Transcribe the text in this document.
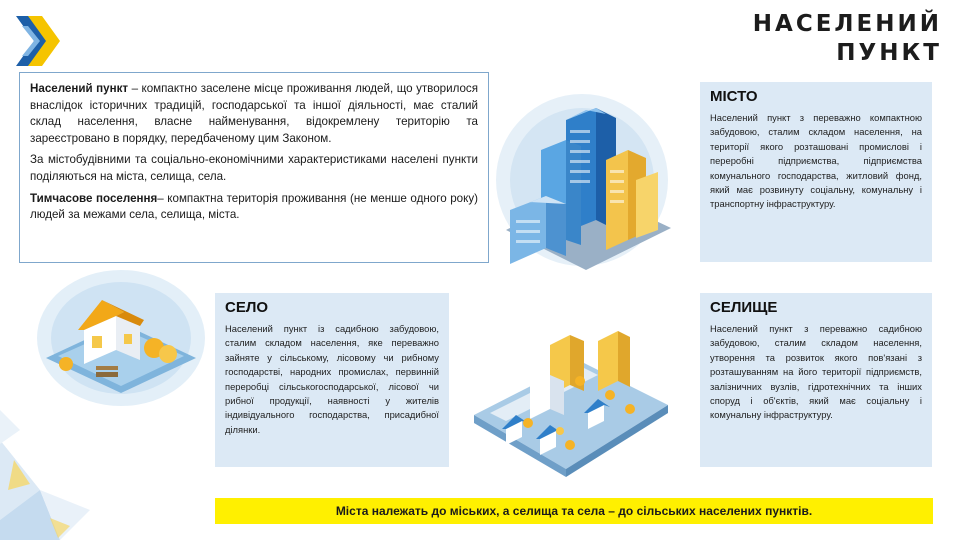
НАСЕЛЕНИЙ
ПУНКТ

Населений пункт – компактно заселене місце проживання людей, що утворилося внаслідок історичних традицій, господарської та іншої діяльності, має сталий склад населення, власне найменування, відокремлену територію та зареєстровано в порядку, передбаченому цим Законом.

За містобудівними та соціально-економічними характеристиками населені пункти поділяються на міста, селища, села.

Тимчасове поселення– компактна територія проживання (не менше одного року) людей за межами села, селища, міста.

МІСТО

Населений пункт з переважно компактною забудовою, сталим складом населення, на території якого розташовані промислові і переробні підприємства, підприємства комунального господарства, житловий фонд, який має розвинуту соціальну, комунальну і транспортну інфраструктуру.

СЕЛО

Населений пункт із садибною забудовою, сталим складом населення, яке переважно зайняте у сільському, лісовому чи рибному господарстві, народних промислах, первинній переробці сільськогосподарської, лісової чи рибної продукції, наявності у жителів індивідуального господарства, присадибної ділянки.

СЕЛИЩЕ

Населений пункт з переважно садибною забудовою, сталим складом населення, утворення та розвиток якого пов'язані з розташуванням на його території підприємств, залізничних вузлів, гідротехнічних та інших споруд і об'єктів, який має соціальну і комунальну інфраструктуру.

Міста належать до міських, а селища та села – до сільських населених пунктів.
